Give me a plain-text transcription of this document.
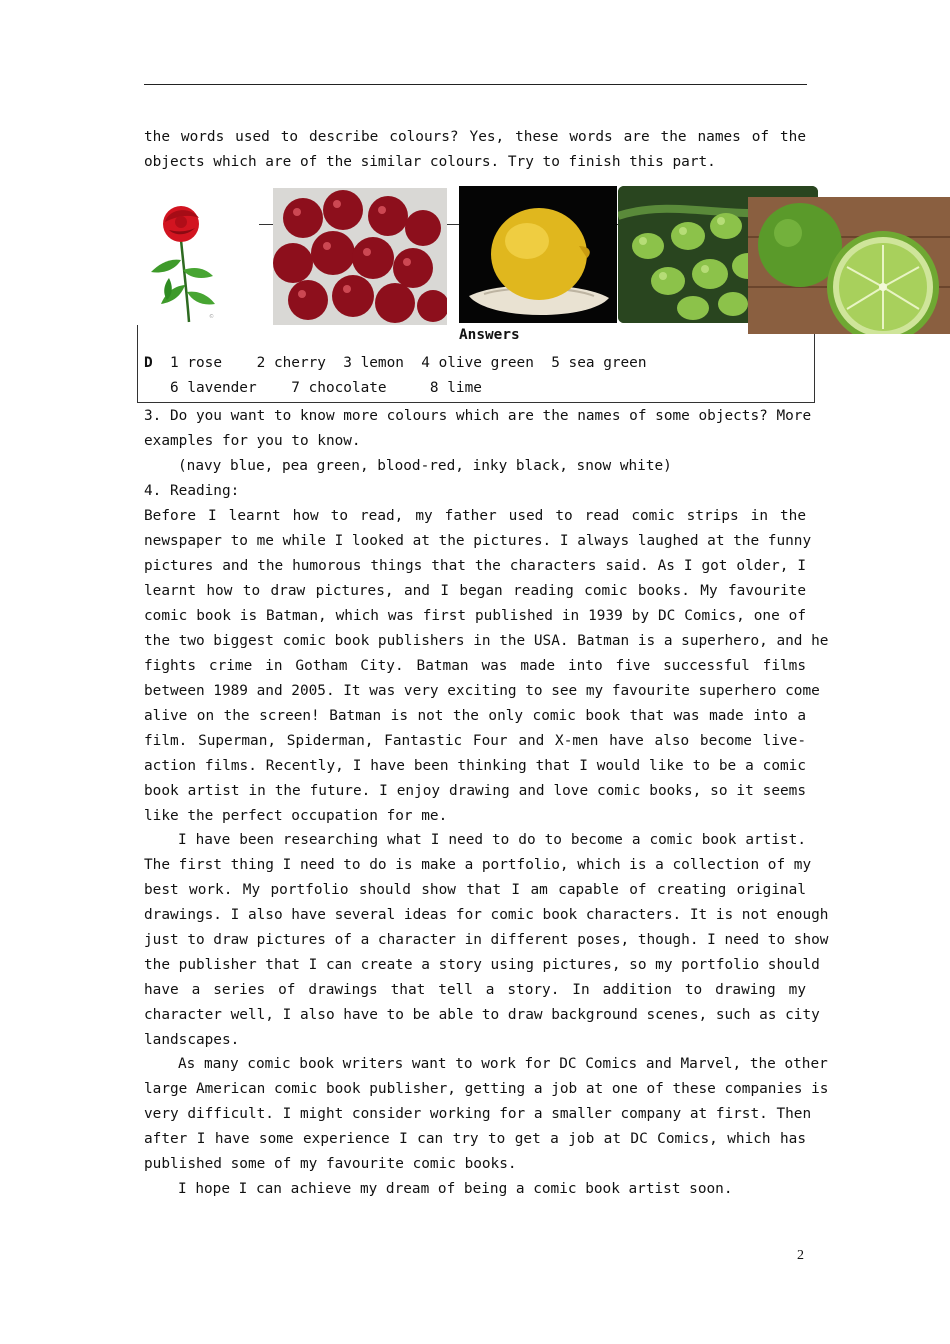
the words used to describe colours? Yes, these words are the names of the
objects which are of the similar colours. Try to finish this part.
©
Answers
D 1 rose    2 cherry  3 lemon  4 olive green  5 sea green
6 lavender    7 chocolate     8 lime
3. Do you want to know more colours which are the names of some objects? More
examples for you to know.
(navy blue, pea green, blood-red, inky black, snow white)
4. Reading:
Before I learnt how to read, my father used to read comic strips in the
newspaper to me while I looked at the pictures. I always laughed at the funny
pictures and the humorous things that the characters said. As I got older, I
learnt how to draw pictures, and I began reading comic books. My favourite
comic book is Batman, which was first published in 1939 by DC Comics, one of
the two biggest comic book publishers in the USA. Batman is a superhero, and he
fights crime in Gotham City. Batman was made into five successful films
between 1989 and 2005. It was very exciting to see my favourite superhero come
alive on the screen! Batman is not the only comic book that was made into a
film. Superman, Spiderman, Fantastic Four and X-men have also become live-
action films. Recently, I have been thinking that I would like to be a comic
book artist in the future. I enjoy drawing and love comic books, so it seems
like the perfect occupation for me.
I have been researching what I need to do to become a comic book artist.
The first thing I need to do is make a portfolio, which is a collection of my
best work. My portfolio should show that I am capable of creating original
drawings. I also have several ideas for comic book characters. It is not enough
just to draw pictures of a character in different poses, though. I need to show
the publisher that I can create a story using pictures, so my portfolio should
have a series of drawings that tell a story. In addition to drawing my
character well, I also have to be able to draw background scenes, such as city
landscapes.
As many comic book writers want to work for DC Comics and Marvel, the other
large American comic book publisher, getting a job at one of these companies is
very difficult. I might consider working for a smaller company at first. Then
after I have some experience I can try to get a job at DC Comics, which has
published some of my favourite comic books.
I hope I can achieve my dream of being a comic book artist soon.
2
